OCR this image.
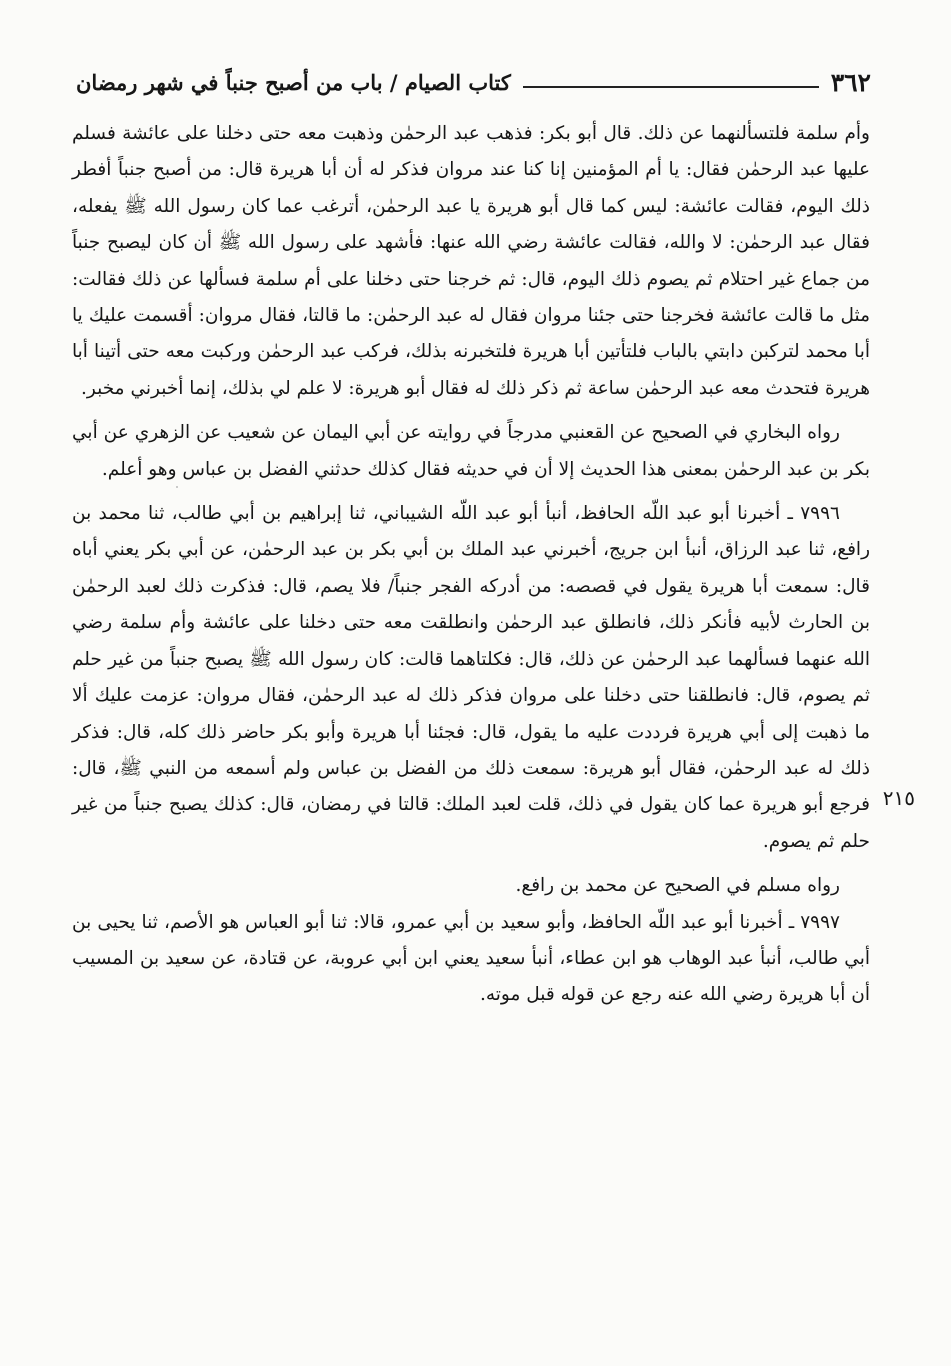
٣٦٢
كتاب الصيام / باب من أصبح جنباً في شهر رمضان

وأم سلمة فلتسألنهما عن ذلك. قال أبو بكر: فذهب عبد الرحمٰن وذهبت معه حتى دخلنا على عائشة فسلم عليها عبد الرحمٰن فقال: يا أم المؤمنين إنا كنا عند مروان فذكر له أن أبا هريرة قال: من أصبح جنباً أفطر ذلك اليوم، فقالت عائشة: ليس كما قال أبو هريرة يا عبد الرحمٰن، أترغب عما كان رسول الله ﷺ يفعله، فقال عبد الرحمٰن: لا والله، فقالت عائشة رضي الله عنها: فأشهد على رسول الله ﷺ أن كان ليصبح جنباً من جماع غير احتلام ثم يصوم ذلك اليوم، قال: ثم خرجنا حتى دخلنا على أم سلمة فسألها عن ذلك فقالت: مثل ما قالت عائشة فخرجنا حتى جئنا مروان فقال له عبد الرحمٰن: ما قالتا، فقال مروان: أقسمت عليك يا أبا محمد لتركبن دابتي بالباب فلتأتين أبا هريرة فلتخبرنه بذلك، فركب عبد الرحمٰن وركبت معه حتى أتينا أبا هريرة فتحدث معه عبد الرحمٰن ساعة ثم ذكر ذلك له فقال أبو هريرة: لا علم لي بذلك، إنما أخبرني مخبر.

رواه البخاري في الصحيح عن القعنبي مدرجاً في روايته عن أبي اليمان عن شعيب عن الزهري عن أبي بكر بن عبد الرحمٰن بمعنى هذا الحديث إلا أن في حديثه فقال كذلك حدثني الفضل بن عباس وهو أعلم.

٧٩٩٦ ـ أخبرنا أبو عبد اللّه الحافظ، أنبأ أبو عبد اللّه الشيباني، ثنا إبراهيم بن أبي طالب، ثنا محمد بن رافع، ثنا عبد الرزاق، أنبأ ابن جريج، أخبرني عبد الملك بن أبي بكر بن عبد الرحمٰن، عن أبي بكر يعني أباه قال: سمعت أبا هريرة يقول في قصصه: من أدركه الفجر جنباً/ فلا يصم، قال: فذكرت ذلك لعبد الرحمٰن بن الحارث لأبيه فأنكر ذلك، فانطلق عبد الرحمٰن وانطلقت معه حتى دخلنا على عائشة وأم سلمة رضي الله عنهما فسألهما عبد الرحمٰن عن ذلك، قال: فكلتاهما قالت: كان رسول الله ﷺ يصبح جنباً من غير حلم ثم يصوم، قال: فانطلقنا حتى دخلنا على مروان فذكر ذلك له عبد الرحمٰن، فقال مروان: عزمت عليك ألا ما ذهبت إلى أبي هريرة فرددت عليه ما يقول، قال: فجئنا أبا هريرة وأبو بكر حاضر ذلك كله، قال: فذكر ذلك له عبد الرحمٰن، فقال أبو هريرة: سمعت ذلك من الفضل بن عباس ولم أسمعه من النبي ﷺ، قال: فرجع أبو هريرة عما كان يقول في ذلك، قلت لعبد الملك: قالتا في رمضان، قال: كذلك يصبح جنباً من غير حلم ثم يصوم.

رواه مسلم في الصحيح عن محمد بن رافع.

٧٩٩٧ ـ أخبرنا أبو عبد اللّه الحافظ، وأبو سعيد بن أبي عمرو، قالا: ثنا أبو العباس هو الأصم، ثنا يحيى بن أبي طالب، أنبأ عبد الوهاب هو ابن عطاء، أنبأ سعيد يعني ابن أبي عروبة، عن قتادة، عن سعيد بن المسيب أن أبا هريرة رضي الله عنه رجع عن قوله قبل موته.

٢١٥
